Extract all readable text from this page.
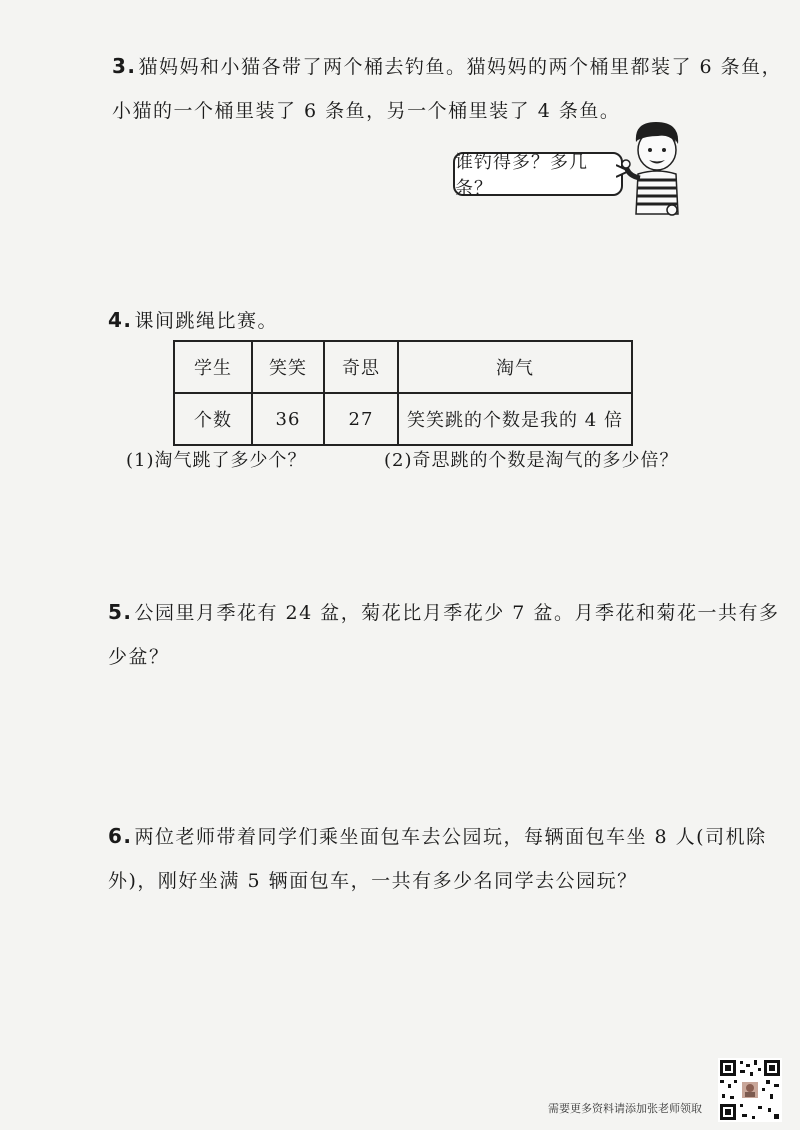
3. 猫妈妈和小猫各带了两个桶去钓鱼。猫妈妈的两个桶里都装了 6 条鱼，
小猫的一个桶里装了 6 条鱼，另一个桶里装了 4 条鱼。
谁钓得多？多几条？
4. 课间跳绳比赛。
学生	笑笑	奇思	淘气
个数	36	27	笑笑跳的个数是我的 4 倍
(1)淘气跳了多少个？	(2)奇思跳的个数是淘气的多少倍？
5. 公园里月季花有 24 盆，菊花比月季花少 7 盆。月季花和菊花一共有多
少盆？
6. 两位老师带着同学们乘坐面包车去公园玩，每辆面包车坐 8 人(司机除
外)，刚好坐满 5 辆面包车，一共有多少名同学去公园玩？
需要更多资料请添加张老师领取
